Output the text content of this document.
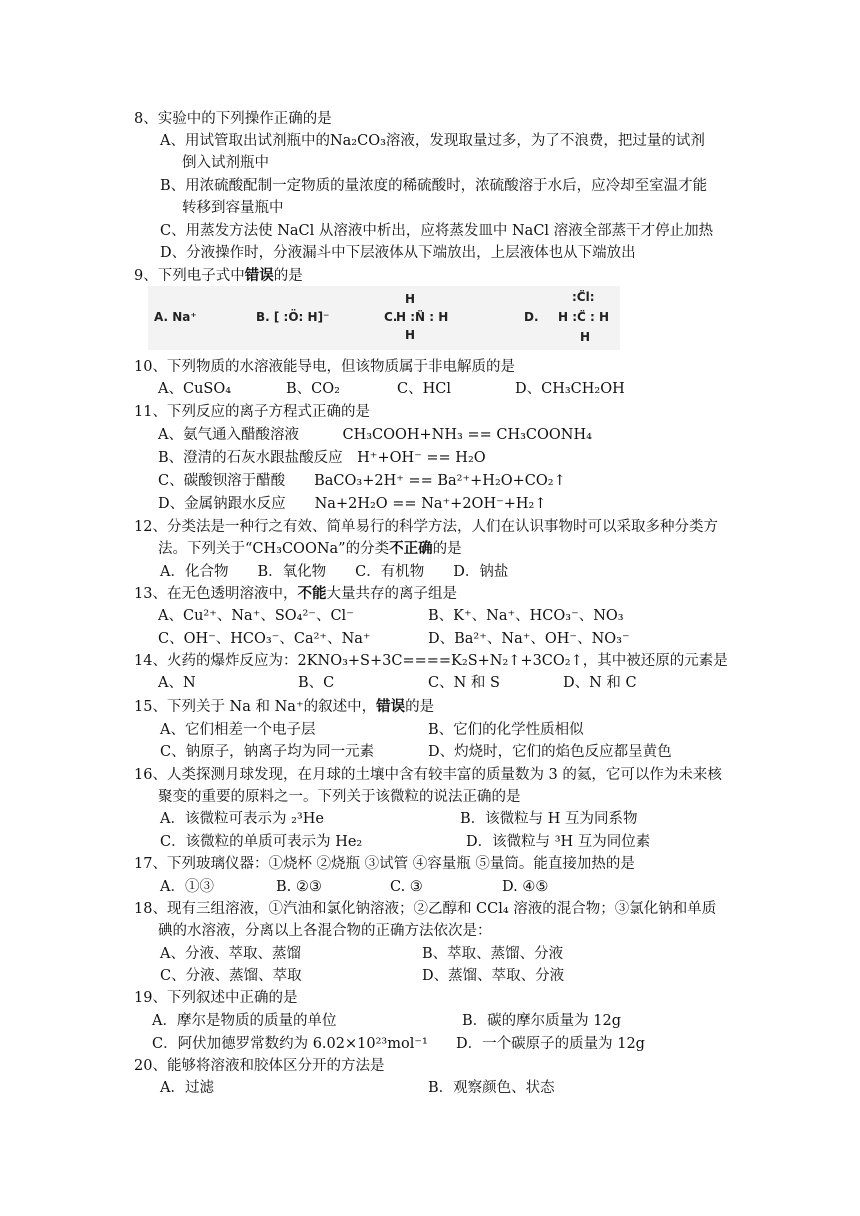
8、实验中的下列操作正确的是
A、用试管取出试剂瓶中的Na₂CO₃溶液，发现取量过多，为了不浪费，把过量的试剂
倒入试剂瓶中
B、用浓硫酸配制一定物质的量浓度的稀硫酸时，浓硫酸溶于水后，应冷却至室温才能
转移到容量瓶中
C、用蒸发方法使 NaCl 从溶液中析出，应将蒸发皿中 NaCl 溶液全部蒸干才停止加热
D、分液操作时，分液漏斗中下层液体从下端放出，上层液体也从下端放出
9、下列电子式中错误的是
A. Na⁺	B. [ :Ö: H]⁻	C.
H
H :N̈ : H
H
D.
:C̈l:
H :C̈ : H
H
10、下列物质的水溶液能导电，但该物质属于非电解质的是
A、CuSO₄	B、CO₂	C、HCl	D、CH₃CH₂OH
11、下列反应的离子方程式正确的是
A、氨气通入醋酸溶液　　　CH₃COOH+NH₃ == CH₃COONH₄
B、澄清的石灰水跟盐酸反应　H⁺+OH⁻ == H₂O
C、碳酸钡溶于醋酸　　BaCO₃+2H⁺ == Ba²⁺+H₂O+CO₂↑
D、金属钠跟水反应　　Na+2H₂O == Na⁺+2OH⁻+H₂↑
12、分类法是一种行之有效、简单易行的科学方法，人们在认识事物时可以采取多种分类方
法。下列关于“CH₃COONa”的分类不正确的是
A．化合物　　B．氧化物　　C．有机物　　D．钠盐
13、在无色透明溶液中，不能大量共存的离子组是
A、Cu²⁺、Na⁺、SO₄²⁻、Cl⁻	B、K⁺、Na⁺、HCO₃⁻、NO₃
C、OH⁻、HCO₃⁻、Ca²⁺、Na⁺	D、Ba²⁺、Na⁺、OH⁻、NO₃⁻
14、火药的爆炸反应为：2KNO₃+S+3C====K₂S+N₂↑+3CO₂↑，其中被还原的元素是
A、N	B、C	C、N 和 S	D、N 和 C
15、下列关于 Na 和 Na⁺的叙述中，错误的是
A、它们相差一个电子层	B、它们的化学性质相似
C、钠原子，钠离子均为同一元素	D、灼烧时，它们的焰色反应都呈黄色
16、人类探测月球发现，在月球的土壤中含有较丰富的质量数为 3 的氦，它可以作为未来核
聚变的重要的原料之一。下列关于该微粒的说法正确的是
A．该微粒可表示为 ₂³He	B．该微粒与 H 互为同系物
C．该微粒的单质可表示为 He₂	D．该微粒与 ³H 互为同位素
17、下列玻璃仪器：①烧杯 ②烧瓶 ③试管 ④容量瓶 ⑤量筒。能直接加热的是
A．①③	B. ②③	C. ③	D. ④⑤
18、现有三组溶液，①汽油和氯化钠溶液；②乙醇和 CCl₄ 溶液的混合物；③氯化钠和单质
碘的水溶液，分离以上各混合物的正确方法依次是：
A、分液、萃取、蒸馏	B、萃取、蒸馏、分液
C、分液、蒸馏、萃取	D、蒸馏、萃取、分液
19、下列叙述中正确的是
A．摩尔是物质的质量的单位	B．碳的摩尔质量为 12g
C．阿伏加德罗常数约为 6.02×10²³mol⁻¹ D．一个碳原子的质量为 12g
20、能够将溶液和胶体区分开的方法是
A．过滤	B．观察颜色、状态
